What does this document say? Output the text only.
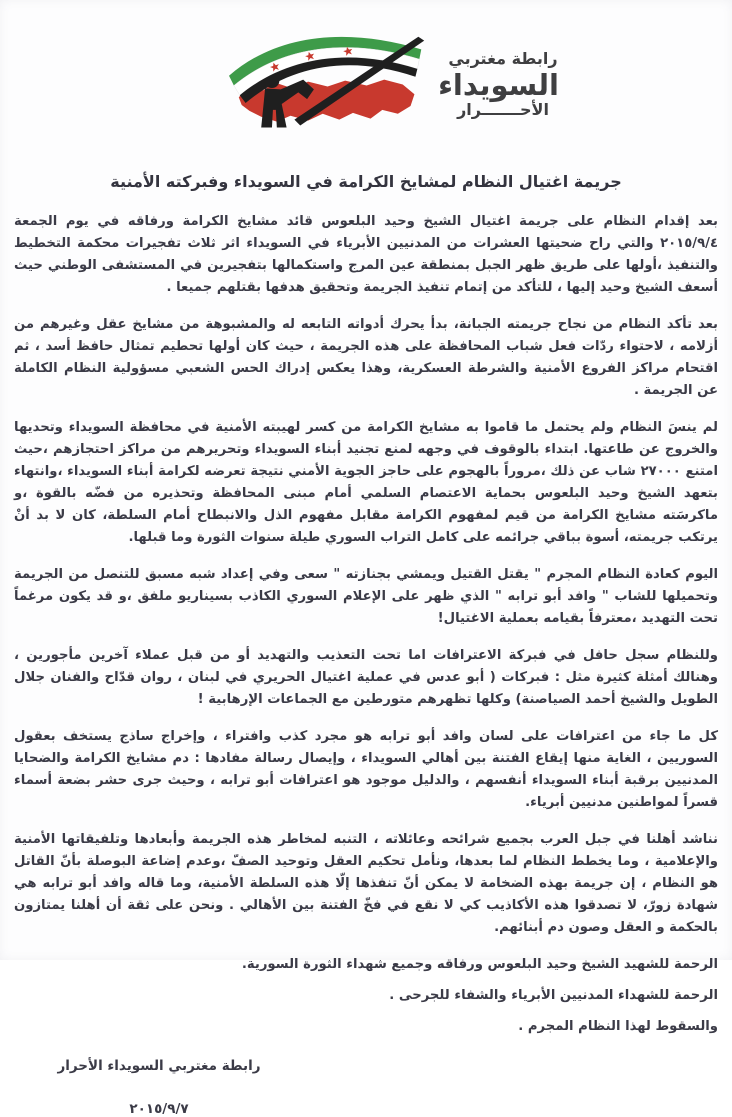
رابطة مغتربي
السويداء
الأحـــــــرار
جريمة اغتيال النظام لمشايخ الكرامة في السويداء وفبركته الأمنية

بعد إقدام النظام على جريمة اغتيال الشيخ وحيد البلعوس قائد مشايخ الكرامة ورفاقه في يوم الجمعة ٢٠١٥/٩/٤ والتي راح ضحيتها العشرات من المدنيين الأبرياء في السويداء اثر ثلاث تفجيرات محكمة التخطيط والتنفيذ ،أولها على طريق ظهر الجبل بمنطقة عين المرج واستكمالها بتفجيرين في المستشفى الوطني حيث أسعف الشيخ وحيد إليها ، للتأكد من إتمام تنفيذ الجريمة وتحقيق هدفها بقتلهم جميعا .

بعد تأكد النظام من نجاح جريمته الجبانة، بدأ يحرك أدواته التابعه له والمشبوهة من مشايخ عقل وغيرهم من أزلامه ، لاحتواء ردّات فعل شباب المحافظة على هذه الجريمة ، حيث كان أولها تحطيم تمثال حافظ أسد ، ثم اقتحام مراكز الفروع الأمنية والشرطة العسكرية، وهذا يعكس إدراك الحس الشعبي مسؤولية النظام الكاملة عن الجريمة .

لم ينسَ النظام ولم يحتمل ما قاموا به مشايخ الكرامة من كسر لهيبته الأمنية في محافظة السويداء وتحديها والخروج عن طاعتها. ابتداء بالوقوف في وجهه لمنع تجنيد أبناء السويداء وتحريرهم من مراكز احتجازهم ،حيث امتنع ٢٧٠٠٠ شاب عن ذلك ،مروراً بالهجوم على حاجز الجوية الأمني نتيجة تعرضه لكرامة أبناء السويداء ،وانتهاء بتعهد الشيخ وحيد البلعوس بحماية الاعتصام السلمي أمام مبنى المحافظة وتحذيره من فضّه بالقوة ،و ماكرسَته مشايخ الكرامة من قيم لمفهوم الكرامة مقابل مفهوم الذل والانبطاح أمام السلطة، كان لا بد أنْ يرتكب جريمته، أسوة بباقي جرائمه على كامل التراب السوري طيلة سنوات الثورة وما قبلها.

اليوم كعادة النظام المجرم " يقتل القتيل ويمشي بجنازته " سعى وفي إعداد شبه مسبق للتنصل من الجريمة وتحميلها للشاب " وافد أبو ترابه " الذي ظهر على الإعلام السوري الكاذب بسيناريو ملفق ،و قد يكون مرغماً تحت التهديد ،معترفاً بقيامه بعملية الاغتيال!

وللنظام سجل حافل في فبركة الاعترافات اما تحت التعذيب والتهديد أو من قبل عملاء آخرين مأجورين ، وهنالك أمثلة كثيرة مثل : فبركات ( أبو عدس في عملية اغتيال الحريري في لبنان ، روان قدّاح والفنان جلال الطويل والشيخ أحمد الصياصنة) وكلها تظهرهم متورطين مع الجماعات الإرهابية !

كل ما جاء من اعترافات على لسان وافد أبو ترابه هو مجرد كذب وافتراء ، وإخراج ساذج يستخف بعقول السوريين ، الغاية منها إيقاع الفتنة بين أهالي السويداء ، وإيصال رسالة مفادها : دم مشايخ الكرامة والضحايا المدنيين برقبة أبناء السويداء أنفسهم ، والدليل موجود هو اعترافات أبو ترابه ، وحيث جرى حشر بضعة أسماء قسراً لمواطنين مدنيين أبرياء.

نناشد أهلنا في جبل العرب بجميع شرائحه وعائلاته ، التنبه لمخاطر هذه الجريمة وأبعادها وتلفيقاتها الأمنية والإعلامية ، وما يخطط النظام لما بعدها، ونأمل تحكيم العقل وتوحيد الصفّ ،وعدم إضاعة البوصلة بأنّ القاتل هو النظام ، إن جريمة بهذه الضخامة لا يمكن أنّ تنفذها إلّا هذه السلطة الأمنية، وما قاله وافد أبو ترابه هي شهادة زورّ، لا تصدقوا هذه الأكاذيب كي لا نقع في فخّ الفتنة بين الأهالي . ونحن على ثقة أن أهلنا يمتازون بالحكمة و العقل وصون دم أبنائهم.

الرحمة للشهيد الشيخ وحيد البلعوس ورفاقه وجميع شهداء الثورة السورية.

الرحمة للشهداء المدنيين الأبرياء والشفاء للجرحى .

والسقوط لهذا النظام المجرم .

رابطة مغتربي السويداء الأحرار
٢٠١٥/٩/٧
